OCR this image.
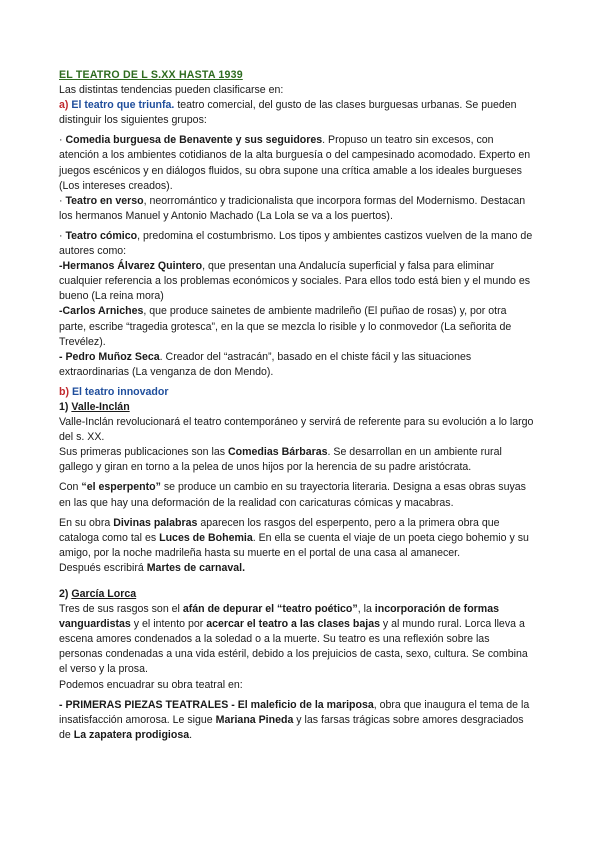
EL TEATRO DE L S.XX HASTA 1939

Las distintas tendencias pueden clasificarse en:

a) El teatro que triunfa. teatro comercial, del gusto de las clases burguesas urbanas. Se pueden distinguir los siguientes grupos:

· Comedia burguesa de Benavente y sus seguidores. Propuso un teatro sin excesos, con atención a los ambientes cotidianos de la alta burguesía o del campesinado acomodado. Experto en juegos escénicos y en diálogos fluidos, su obra supone una crítica amable a los ideales burgueses (Los intereses creados).

· Teatro en verso, neorromántico y tradicionalista que incorpora formas del Modernismo. Destacan los hermanos Manuel y Antonio Machado (La Lola se va a los puertos).

· Teatro cómico, predomina el costumbrismo. Los tipos y ambientes castizos vuelven de la mano de autores como:

-Hermanos Álvarez Quintero, que presentan una Andalucía superficial y falsa para eliminar cualquier referencia a los problemas económicos y sociales. Para ellos todo está bien y el mundo es bueno (La reina mora)

-Carlos Arniches, que produce sainetes de ambiente madrileño (El puñao de rosas) y, por otra parte, escribe “tragedia grotesca”, en la que se mezcla lo risible y lo conmovedor (La señorita de Trevélez).

- Pedro Muñoz Seca. Creador del “astracán”, basado en el chiste fácil y las situaciones extraordinarias (La venganza de don Mendo).

b) El teatro innovador

1) Valle-Inclán

Valle-Inclán revolucionará el teatro contemporáneo y servirá de referente para su evolución a lo largo del s. XX.

Sus primeras publicaciones son las Comedias Bárbaras. Se desarrollan en un ambiente rural gallego y giran en torno a la pelea de unos hijos por la herencia de su padre aristócrata.

Con “el esperpento” se produce un cambio en su trayectoria literaria. Designa a esas obras suyas en las que hay una deformación de la realidad con caricaturas cómicas y macabras.

En su obra Divinas palabras aparecen los rasgos del esperpento, pero a la primera obra que cataloga como tal es Luces de Bohemia. En ella se cuenta el viaje de un poeta ciego bohemio y su amigo, por la noche madrileña hasta su muerte en el portal de una casa al amanecer.

Después escribirá Martes de carnaval.

2) García Lorca

Tres de sus rasgos son el afán de depurar el “teatro poético”, la incorporación de formas vanguardistas y el intento por acercar el teatro a las clases bajas y al mundo rural. Lorca lleva a escena amores condenados a la soledad o a la muerte. Su teatro es una reflexión sobre las personas condenadas a una vida estéril, debido a los prejuicios de casta, sexo, cultura. Se combina el verso y la prosa.

Podemos encuadrar su obra teatral en:

- PRIMERAS PIEZAS TEATRALES - El maleficio de la mariposa, obra que inaugura el tema de la insatisfacción amorosa. Le sigue Mariana Pineda y las farsas trágicas sobre amores desgraciados de La zapatera prodigiosa.
